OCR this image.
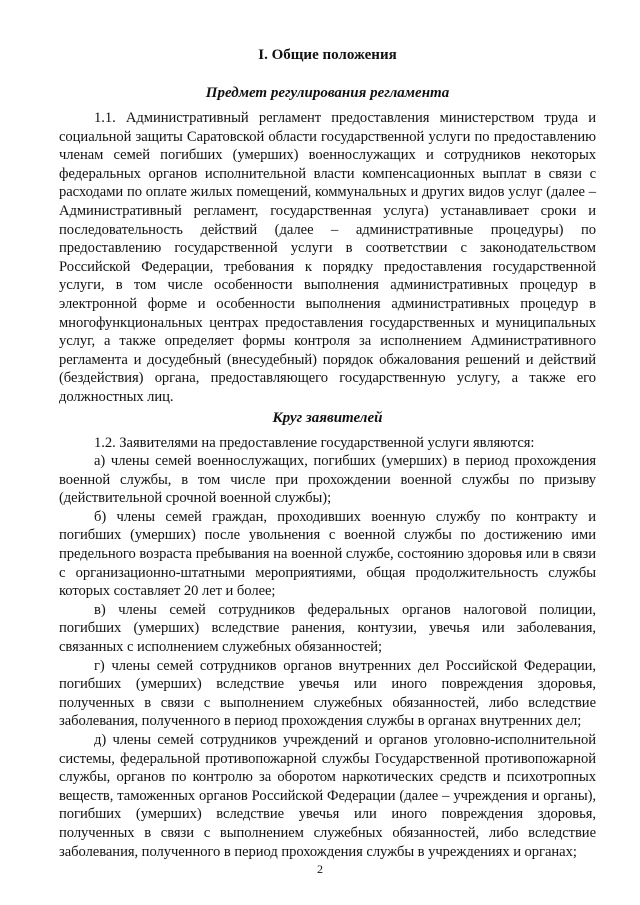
I. Общие положения
Предмет регулирования регламента

1.1. Административный регламент предоставления министерством труда и социальной защиты Саратовской области государственной услуги по предоставлению членам семей погибших (умерших) военнослужащих и сотрудников некоторых федеральных органов исполнительной власти компенсационных выплат в связи с расходами по оплате жилых помещений, коммунальных и других видов услуг (далее – Административный регламент, государственная услуга) устанавливает сроки и последовательность действий (далее – административные процедуры) по предоставлению государственной услуги в соответствии с законодательством Российской Федерации, требования к порядку предоставления государственной услуги, в том числе особенности выполнения административных процедур в электронной форме и особенности выполнения административных процедур в многофункциональных центрах предоставления государственных и муниципальных услуг, а также определяет формы контроля за исполнением Административного регламента и досудебный (внесудебный) порядок обжалования решений и действий (бездействия) органа, предоставляющего государственную услугу, а также его должностных лиц.

Круг заявителей

1.2. Заявителями на предоставление государственной услуги являются:

а) члены семей военнослужащих, погибших (умерших) в период прохождения военной службы, в том числе при прохождении военной службы по призыву (действительной срочной военной службы);

б) члены семей граждан, проходивших военную службу по контракту и погибших (умерших) после увольнения с военной службы по достижению ими предельного возраста пребывания на военной службе, состоянию здоровья или в связи с организационно-штатными мероприятиями, общая продолжительность службы которых составляет 20 лет и более;

в) члены семей сотрудников федеральных органов налоговой полиции, погибших (умерших) вследствие ранения, контузии, увечья или заболевания, связанных с исполнением служебных обязанностей;

г) члены семей сотрудников органов внутренних дел Российской Федерации, погибших (умерших) вследствие увечья или иного повреждения здоровья, полученных в связи с выполнением служебных обязанностей, либо вследствие заболевания, полученного в период прохождения службы в органах внутренних дел;

д) члены семей сотрудников учреждений и органов уголовно-исполнительной системы, федеральной противопожарной службы Государственной противопожарной службы, органов по контролю за оборотом наркотических средств и психотропных веществ, таможенных органов Российской Федерации (далее – учреждения и органы), погибших (умерших) вследствие увечья или иного повреждения здоровья, полученных в связи с выполнением служебных обязанностей, либо вследствие заболевания, полученного в период прохождения службы в учреждениях и органах;

2
